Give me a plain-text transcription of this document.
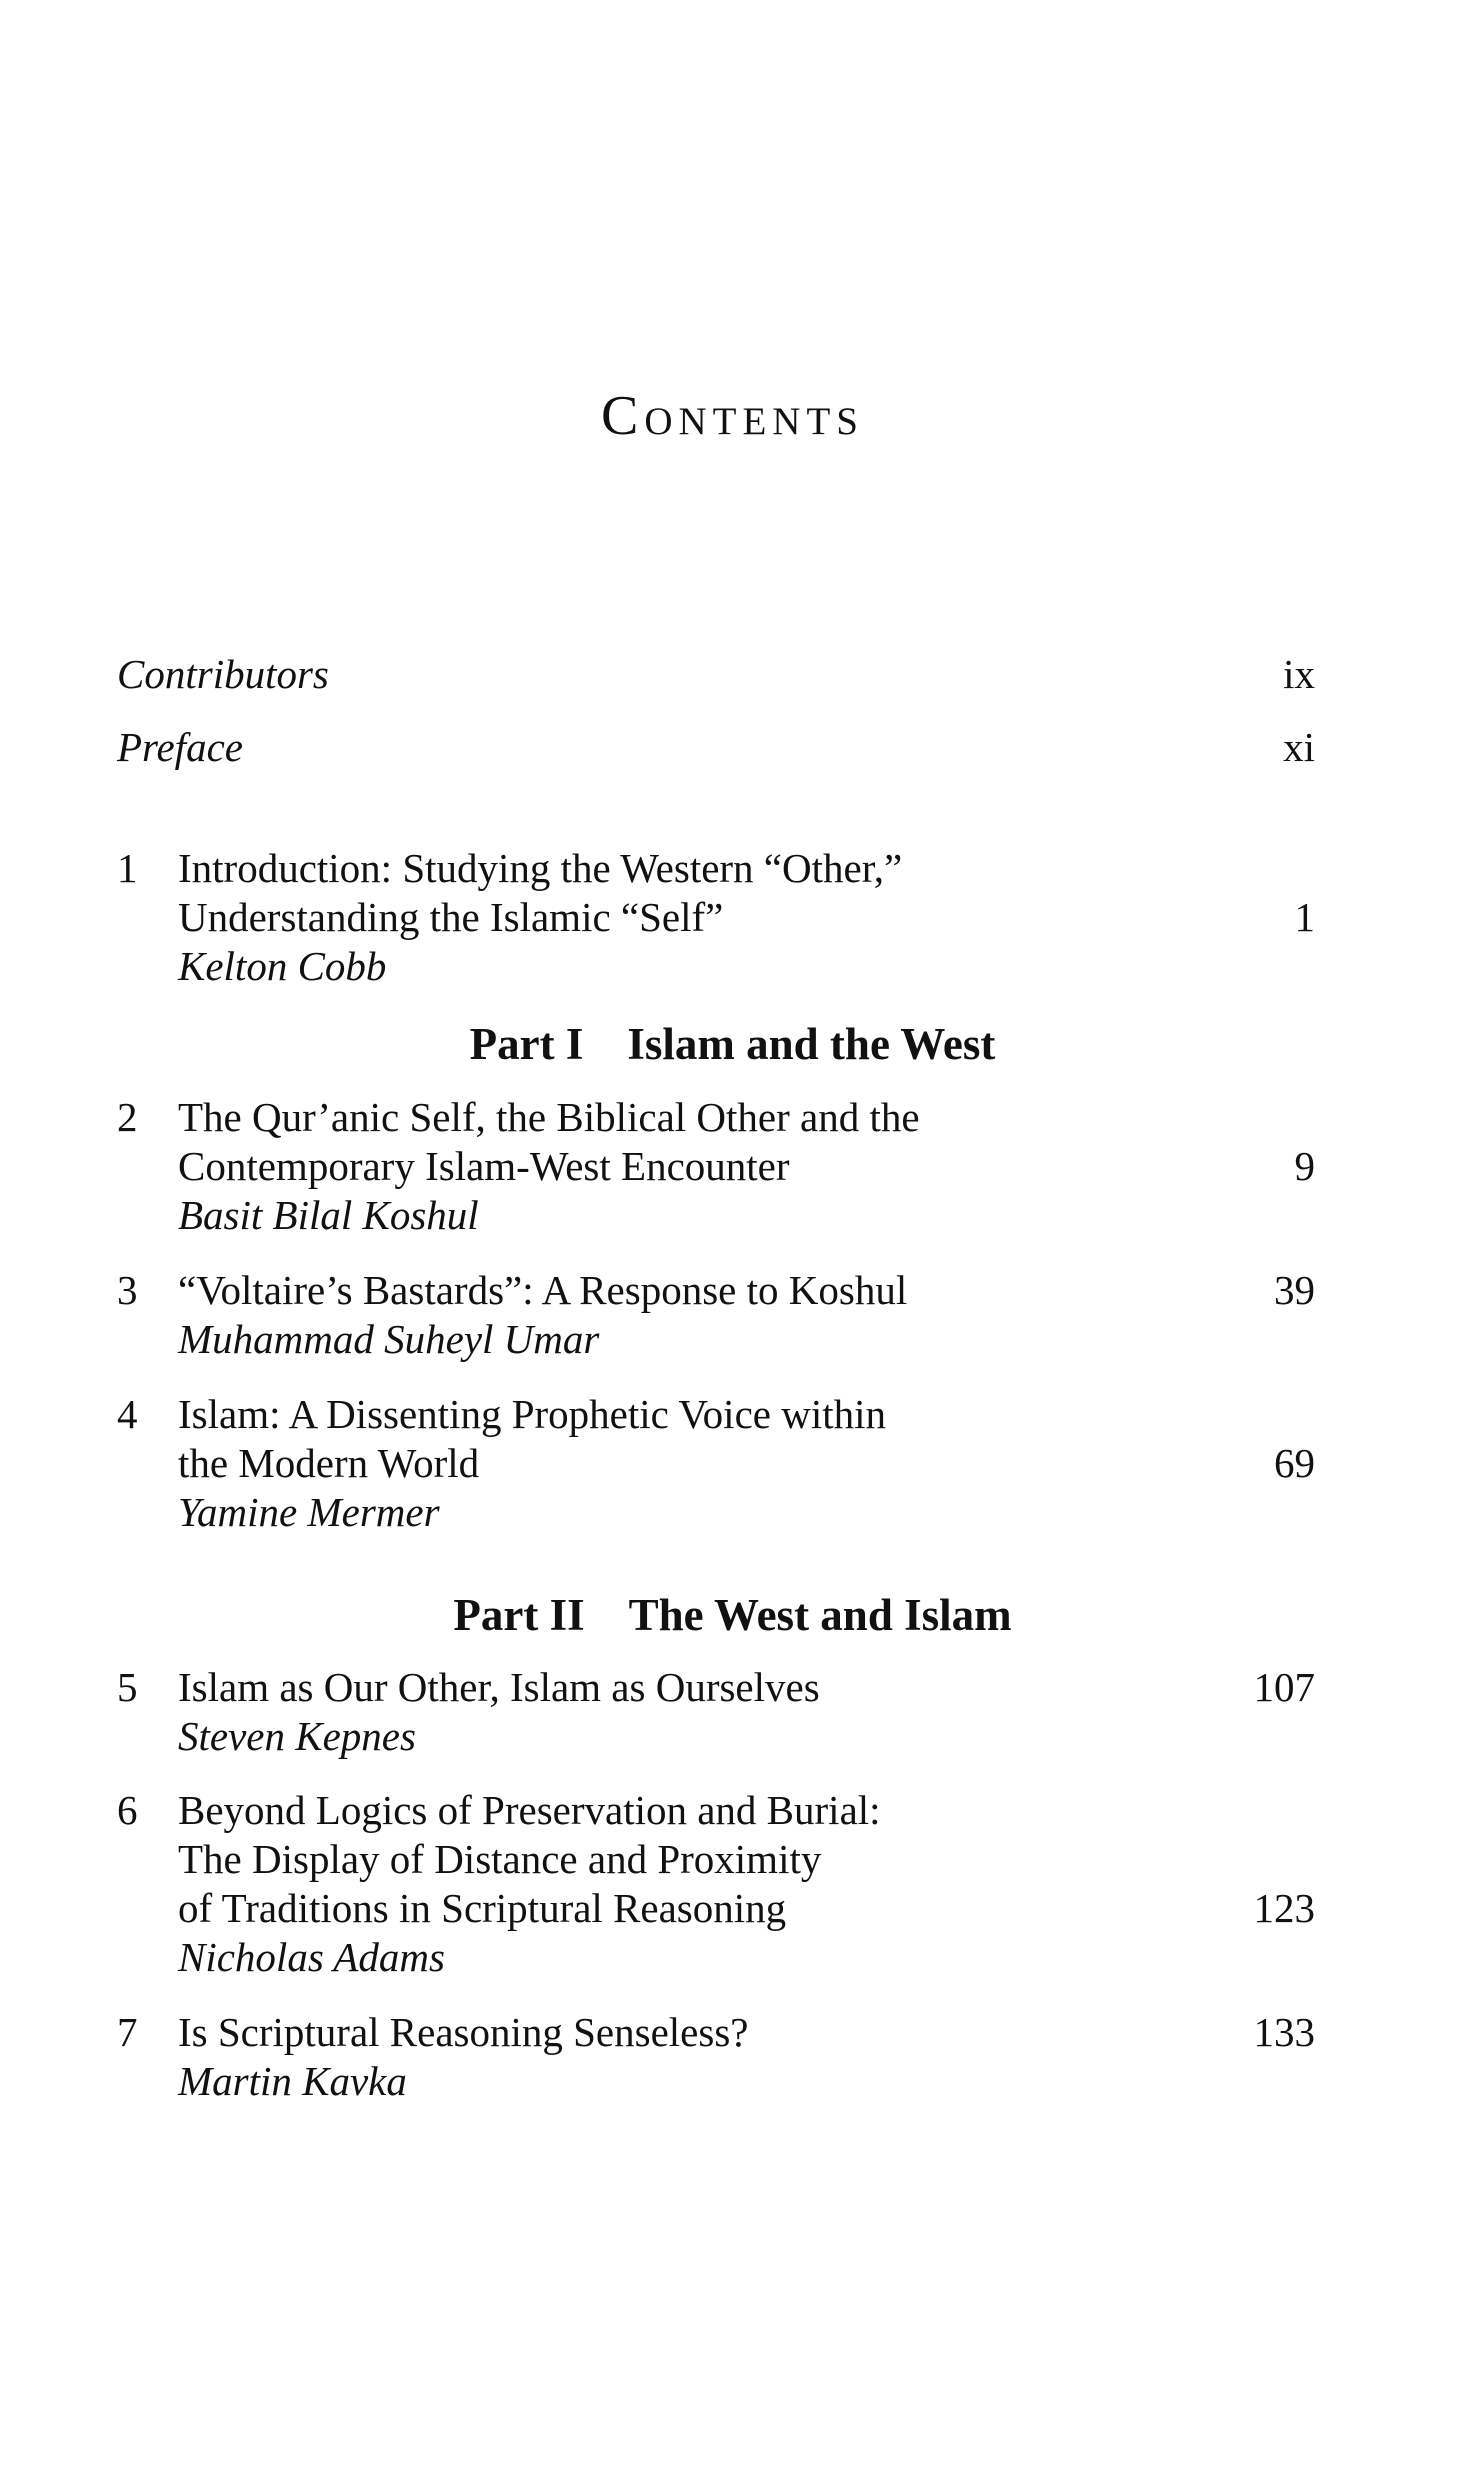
Contents
Contributors	ix
Preface	xi
1 Introduction: Studying the Western “Other,”
Understanding the Islamic “Self”	1
Kelton Cobb
Part I Islam and the West
2 The Qur’anic Self, the Biblical Other and the
Contemporary Islam-West Encounter	9
Basit Bilal Koshul
3 “Voltaire’s Bastards”: A Response to Koshul	39
Muhammad Suheyl Umar
4 Islam: A Dissenting Prophetic Voice within
the Modern World	69
Yamine Mermer
Part II The West and Islam
5 Islam as Our Other, Islam as Ourselves	107
Steven Kepnes
6 Beyond Logics of Preservation and Burial:
The Display of Distance and Proximity
of Traditions in Scriptural Reasoning	123
Nicholas Adams
7 Is Scriptural Reasoning Senseless?	133
Martin Kavka
